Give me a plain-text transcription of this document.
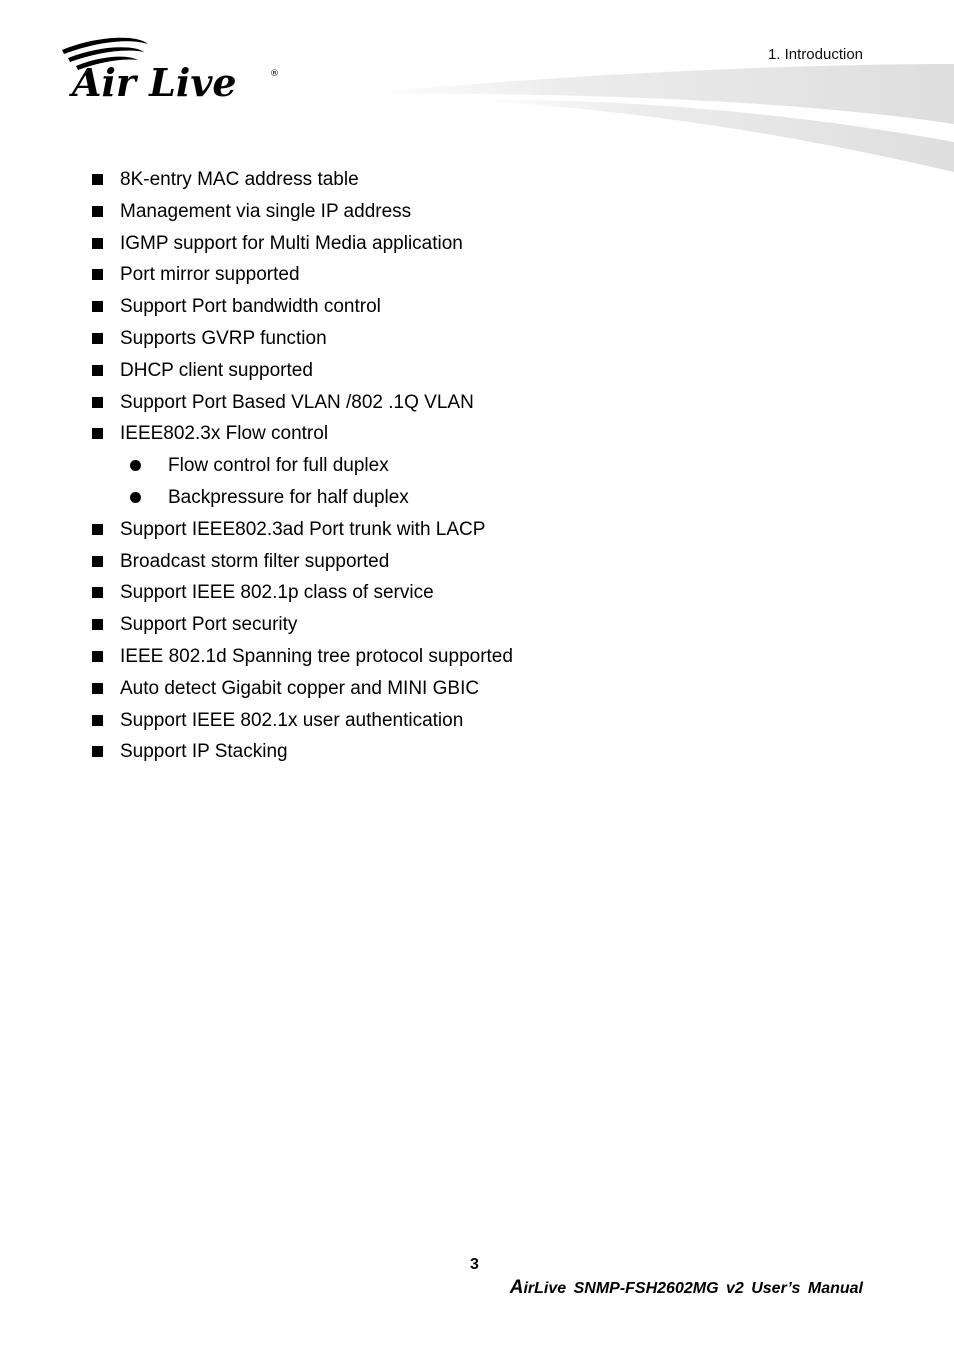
Air Live	®
1. Introduction
8K-entry MAC address table
Management via single IP address
IGMP support for Multi Media application
Port mirror supported
Support Port bandwidth control
Supports GVRP function
DHCP client supported
Support Port Based VLAN /802 .1Q VLAN
IEEE802.3x Flow control
Flow control for full duplex
Backpressure for half duplex
Support IEEE802.3ad Port trunk with LACP
Broadcast storm filter supported
Support IEEE 802.1p class of service
Support Port security
IEEE 802.1d Spanning tree protocol supported
Auto detect Gigabit copper and MINI GBIC
Support IEEE 802.1x user authentication
Support IP Stacking
3
AirLive SNMP-FSH2602MG v2 User’s Manual
